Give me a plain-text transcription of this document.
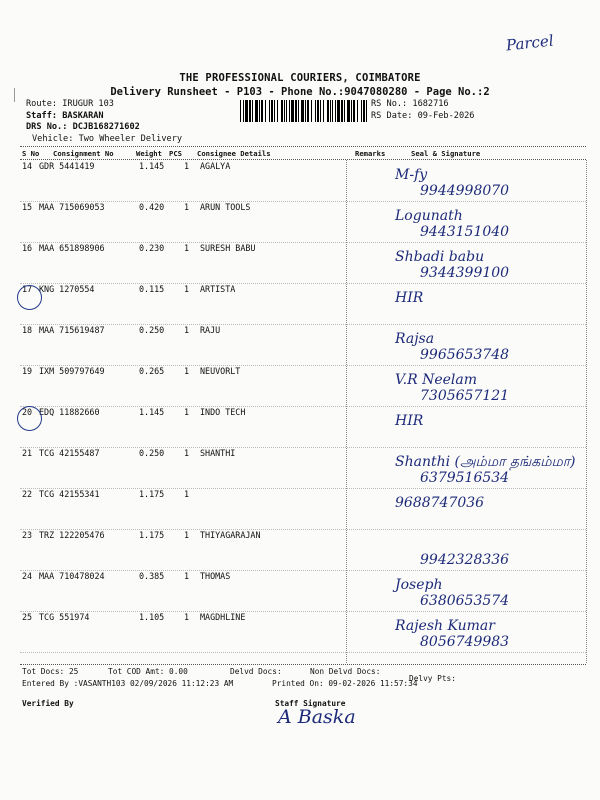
Parcel
THE PROFESSIONAL COURIERS, COIMBATORE
Delivery Runsheet - P103 - Phone No.:9047080280 - Page No.:2
Route: IRUGUR 103
Staff: BASKARAN
DRS No.: DCJB168271602
Vehicle: Two Wheeler Delivery
RS No.: 1682716
RS Date: 09-Feb-2026
S No Consignment No	Weight PCS Consignee Details	Remarks	Seal & Signature
14 GDR 5441419	1.145 1 AGALYA
M-fy
9944998070
15 MAA 715069053	0.420 1 ARUN TOOLS
Logunath
9443151040
16 MAA 651898906	0.230 1 SURESH BABU
Shbadi babu
9344399100
17 KNG 1270554	0.115 1 ARTISTA
HIR
18 MAA 715619487	0.250 1 RAJU
Rajsa
9965653748
19 IXM 509797649	0.265 1 NEUVORLT
V.R Neelam
7305657121
20 EDQ 11882660	1.145 1 INDO TECH
HIR
21 TCG 42155487	0.250 1 SHANTHI
Shanthi (அம்மா தங்கம்மா)
6379516534
22 TCG 42155341	1.175 1
9688747036
23 TRZ 122205476	1.175 1 THIYAGARAJAN
9942328336
24 MAA 710478024	0.385 1 THOMAS
Joseph
6380653574
25 TCG 551974	1.105 1 MAGDHLINE
Rajesh Kumar
8056749983
Tot Docs: 25	Tot COD Amt: 0.00	Delvd Docs:	Non Delvd Docs:
Delvy Pts:
Entered By :VASANTH103 02/09/2026 11:12:23 AM	Printed On: 09-02-2026 11:57:34
Verified By	Staff Signature
A Baska
